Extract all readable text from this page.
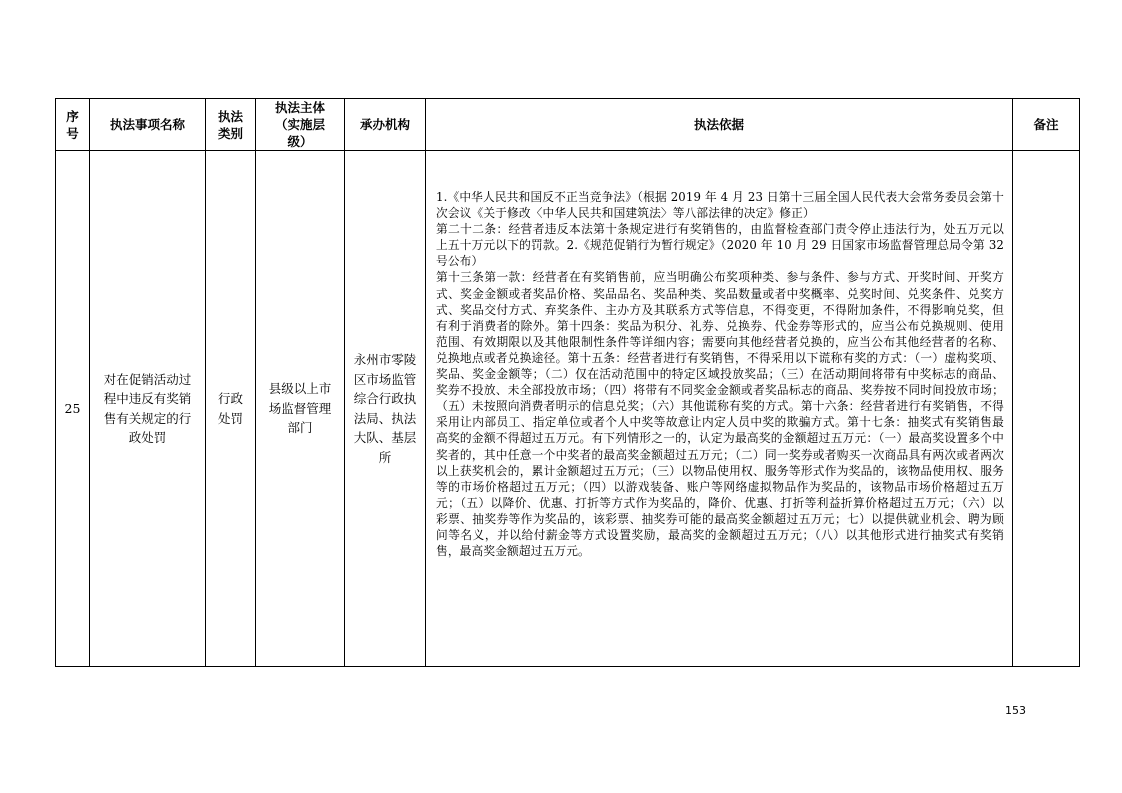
序号	执法事项名称	执法类别	执法主体（实施层级）	承办机构	执法依据	备注
25	对在促销活动过程中违反有奖销售有关规定的行政处罚	行政处罚	县级以上市场监督管理部门	永州市零陵区市场监管综合行政执法局、执法大队、基层所	1.《中华人民共和国反不正当竞争法》（根据 2019 年 4 月 23 日第十三届全国人民代表大会常务委员会第十次会议《关于修改〈中华人民共和国建筑法〉等八部法律的决定》修正）

第二十二条：经营者违反本法第十条规定进行有奖销售的，由监督检查部门责令停止违法行为，处五万元以上五十万元以下的罚款。2.《规范促销行为暂行规定》（2020 年 10 月 29 日国家市场监督管理总局令第 32 号公布）

第十三条第一款：经营者在有奖销售前，应当明确公布奖项种类、参与条件、参与方式、开奖时间、开奖方式、奖金金额或者奖品价格、奖品品名、奖品种类、奖品数量或者中奖概率、兑奖时间、兑奖条件、兑奖方式、奖品交付方式、弃奖条件、主办方及其联系方式等信息，不得变更，不得附加条件，不得影响兑奖，但有利于消费者的除外。第十四条：奖品为积分、礼券、兑换券、代金券等形式的，应当公布兑换规则、使用范围、有效期限以及其他限制性条件等详细内容；需要向其他经营者兑换的，应当公布其他经营者的名称、兑换地点或者兑换途径。第十五条：经营者进行有奖销售，不得采用以下谎称有奖的方式：（一）虚构奖项、奖品、奖金金额等；（二）仅在活动范围中的特定区域投放奖品；（三）在活动期间将带有中奖标志的商品、奖券不投放、未全部投放市场；（四）将带有不同奖金金额或者奖品标志的商品、奖券按不同时间投放市场；（五）未按照向消费者明示的信息兑奖；（六）其他谎称有奖的方式。第十六条：经营者进行有奖销售，不得采用让内部员工、指定单位或者个人中奖等故意让内定人员中奖的欺骗方式。第十七条：抽奖式有奖销售最高奖的金额不得超过五万元。有下列情形之一的，认定为最高奖的金额超过五万元：（一）最高奖设置多个中奖者的，其中任意一个中奖者的最高奖金额超过五万元；（二）同一奖券或者购买一次商品具有两次或者两次以上获奖机会的，累计金额超过五万元；（三）以物品使用权、服务等形式作为奖品的，该物品使用权、服务等的市场价格超过五万元；（四）以游戏装备、账户等网络虚拟物品作为奖品的，该物品市场价格超过五万元；（五）以降价、优惠、打折等方式作为奖品的，降价、优惠、打折等利益折算价格超过五万元；（六）以彩票、抽奖券等作为奖品的，该彩票、抽奖券可能的最高奖金额超过五万元；七）以提供就业机会、聘为顾问等名义，并以给付薪金等方式设置奖励，最高奖的金额超过五万元；（八）以其他形式进行抽奖式有奖销售，最高奖金额超过五万元。	

153
